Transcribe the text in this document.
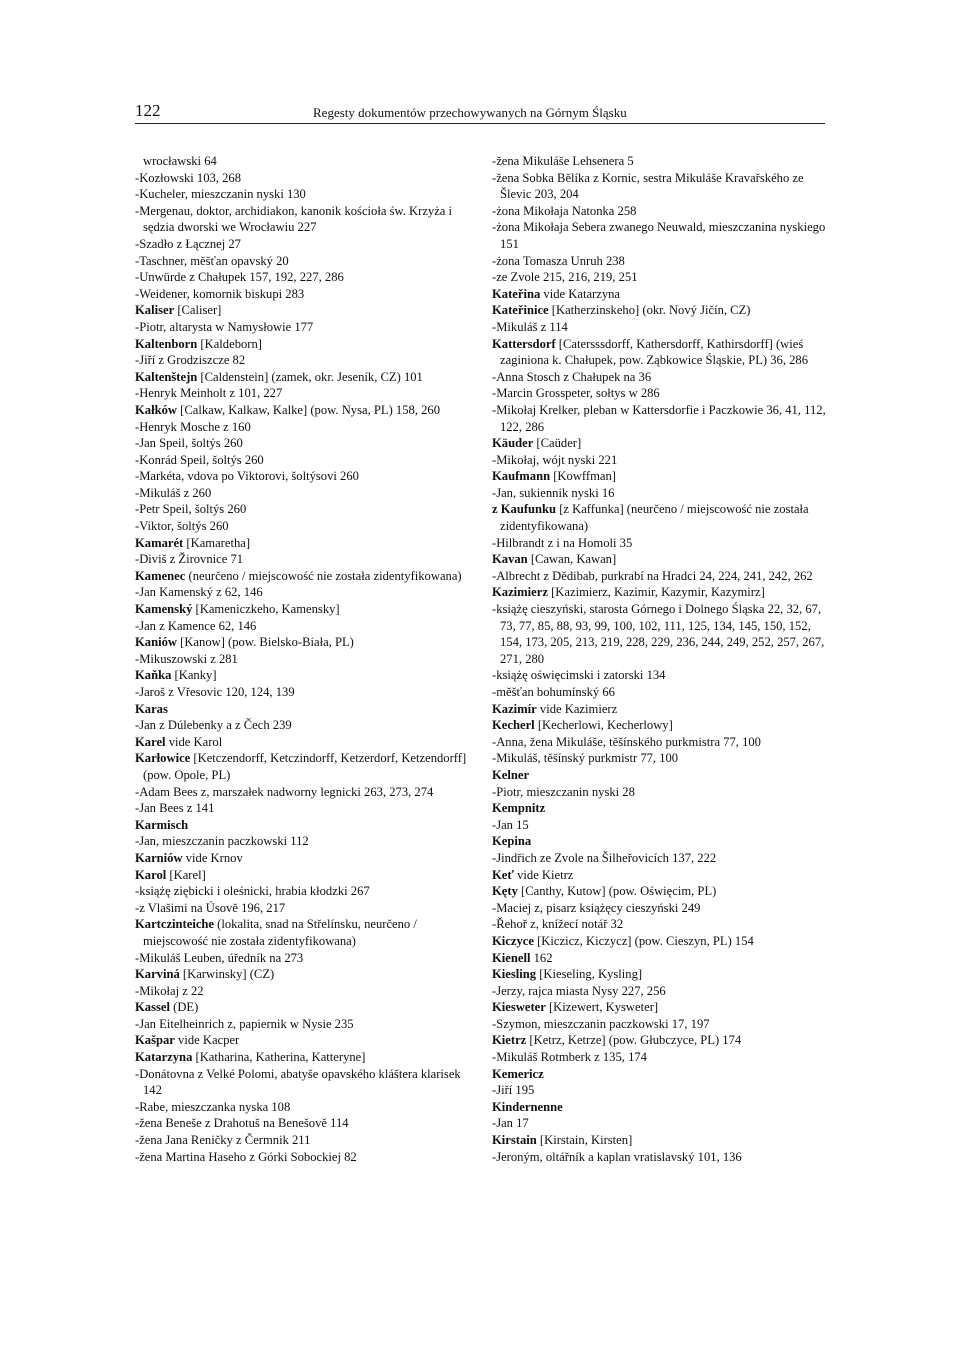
122	Regesty dokumentów przechowywanych na Górnym Śląsku
wrocławski 64
-Kozłowski 103, 268
-Kucheler, mieszczanin nyski 130
-Mergenau, doktor, archidiakon, kanonik kościoła św. Krzyża i sędzia dworski we Wrocławiu 227
-Szadło z Łącznej 27
-Taschner, měšťan opavský 20
-Unwürde z Chałupek 157, 192, 227, 286
-Weidener, komornik biskupi 283
Kaliser [Caliser]
-Piotr, altarysta w Namysłowie 177
Kaltenborn [Kaldeborn]
-Jiří z Grodziszcze 82
Kaltenštejn [Caldenstein] (zamek, okr. Jeseník, CZ) 101
-Henryk Meinholt z 101, 227
Kałków [Calkaw, Kalkaw, Kalke] (pow. Nysa, PL) 158, 260
-Henryk Mosche z 160
-Jan Speil, šoltýs 260
-Konrád Speil, šoltýs 260
-Markéta, vdova po Viktorovi, šoltýsovi 260
-Mikuláš z 260
-Petr Speil, šoltýs 260
-Viktor, šoltýs 260
Kamarét [Kamaretha]
-Diviš z Žirovnice 71
Kamenec (neurčeno / miejscowość nie została zidentyfikowana)
-Jan Kamenský z 62, 146
Kamenský [Kameniczkeho, Kamensky]
-Jan z Kamence 62, 146
Kaniów [Kanow] (pow. Bielsko-Biała, PL)
-Mikuszowski z 281
Kaňka [Kanky]
-Jaroš z Vřesovic 120, 124, 139
Karas
-Jan z Dúlebenky a z Čech 239
Karel vide Karol
Karłowice [Ketczendorff, Ketczindorff, Ketzerdorf, Ketzendorff] (pow. Opole, PL)
-Adam Bees z, marszałek nadworny legnicki 263, 273, 274
-Jan Bees z 141
Karmisch
-Jan, mieszczanin paczkowski 112
Karniów vide Krnov
Karol [Karel]
-książę ziębicki i oleśnicki, hrabia kłodzki 267
-z Vlašimi na Úsově 196, 217
Kartczinteiche (lokalita, snad na Střelínsku, neurčeno / miejscowość nie została zidentyfikowana)
-Mikuláš Leuben, úředník na 273
Karviná [Karwinsky] (CZ)
-Mikołaj z 22
Kassel (DE)
-Jan Eitelheinrich z, papiernik w Nysie 235
Kašpar vide Kacper
Katarzyna [Katharina, Katherina, Katteryne]
-Donátovna z Velké Polomi, abatyše opavského kláštera klarisek 142
-Rabe, mieszczanka nyska 108
-žena Beneše z Drahotuš na Benešově 114
-žena Jana Reničky z Čermnik 211
-žena Martina Haseho z Górki Sobockiej 82
-žena Mikuláše Lehsenera 5
-žena Sobka Bělíka z Kornic, sestra Mikuláše Kravařského ze Šlevic 203, 204
-żona Mikołaja Natonka 258
-żona Mikołaja Sebera zwanego Neuwald, mieszczanina nyskiego 151
-żona Tomasza Unruh 238
-ze Zvole 215, 216, 219, 251
Kateřina vide Katarzyna
Kateřinice [Katherzinskeho] (okr. Nový Jičín, CZ)
-Mikuláš z 114
Kattersdorf [Catersssdorff, Kathersdorff, Kathirsdorff] (wieś zaginiona k. Chałupek, pow. Ząbkowice Śląskie, PL) 36, 286
-Anna Stosch z Chałupek na 36
-Marcin Grosspeter, sołtys w 286
-Mikołaj Krelker, pleban w Kattersdorfie i Paczkowie 36, 41, 112, 122, 286
Käuder [Caüder]
-Mikołaj, wójt nyski 221
Kaufmann [Kowffman]
-Jan, sukiennik nyski 16
z Kaufunku [z Kaffunka] (neurčeno / miejscowość nie została zidentyfikowana)
-Hilbrandt z i na Homoli 35
Kavan [Cawan, Kawan]
-Albrecht z Dědibab, purkrabí na Hradci 24, 224, 241, 242, 262
Kazimierz [Kazimierz, Kazimir, Kazymir, Kazymirz]
-książę cieszyński, starosta Górnego i Dolnego Śląska 22, 32, 67, 73, 77, 85, 88, 93, 99, 100, 102, 111, 125, 134, 145, 150, 152, 154, 173, 205, 213, 219, 228, 229, 236, 244, 249, 252, 257, 267, 271, 280
-książę oświęcimski i zatorski 134
-měšťan bohumínský 66
Kazimír vide Kazimierz
Kecherl [Kecherlowi, Kecherlowy]
-Anna, žena Mikuláše, těšínského purkmistra 77, 100
-Mikuláš, těšínský purkmistr 77, 100
Kelner
-Piotr, mieszczanin nyski 28
Kempnitz
-Jan 15
Kepina
-Jindřich ze Zvole na Šilheřovicích 137, 222
Keť vide Kietrz
Kęty [Canthy, Kutow] (pow. Oświęcim, PL)
-Maciej z, pisarz książęcy cieszyński 249
-Řehoř z, knížecí notář 32
Kiczyce [Kiczicz, Kiczycz] (pow. Cieszyn, PL) 154
Kienell 162
Kiesling [Kieseling, Kysling]
-Jerzy, rajca miasta Nysy 227, 256
Kiesweter [Kizewert, Kysweter]
-Szymon, mieszczanin paczkowski 17, 197
Kietrz [Ketrz, Ketrze] (pow. Głubczyce, PL) 174
-Mikuláš Rotmberk z 135, 174
Kemericz
-Jiří 195
Kindernenne
-Jan 17
Kirstain [Kirstain, Kirsten]
-Jeroným, oltářník a kaplan vratislavský 101, 136
